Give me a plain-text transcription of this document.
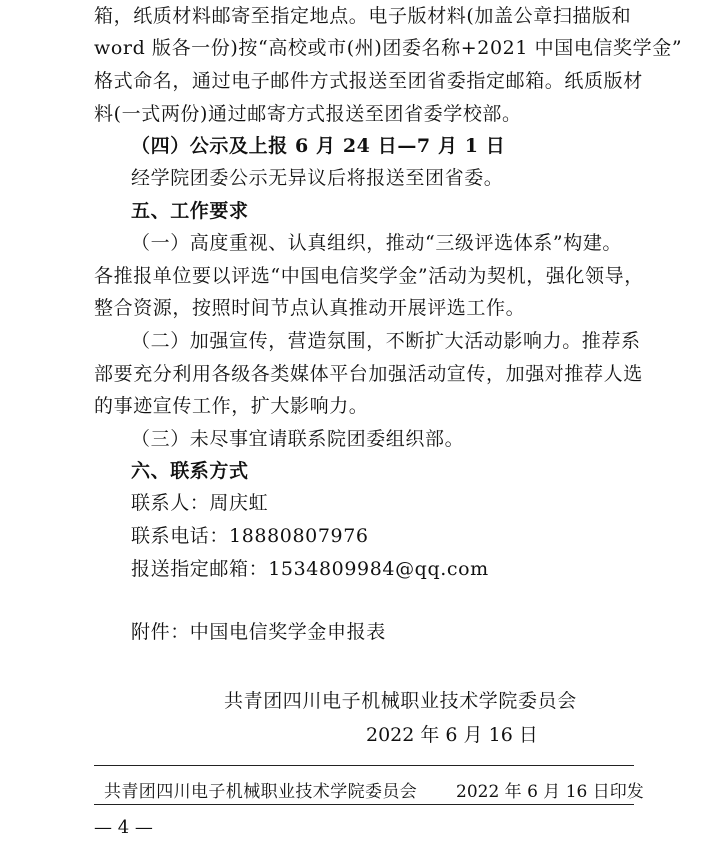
箱，纸质材料邮寄至指定地点。电子版材料(加盖公章扫描版和
word 版各一份)按“高校或市(州)团委名称+2021 中国电信奖学金”
格式命名，通过电子邮件方式报送至团省委指定邮箱。纸质版材
料(一式两份)通过邮寄方式报送至团省委学校部。
（四）公示及上报 6 月 24 日—7 月 1 日
经学院团委公示无异议后将报送至团省委。
五、工作要求
（一）高度重视、认真组织，推动“三级评选体系”构建。
各推报单位要以评选“中国电信奖学金”活动为契机，强化领导，
整合资源，按照时间节点认真推动开展评选工作。
（二）加强宣传，营造氛围，不断扩大活动影响力。推荐系
部要充分利用各级各类媒体平台加强活动宣传，加强对推荐人选
的事迹宣传工作，扩大影响力。
（三）未尽事宜请联系院团委组织部。
六、联系方式
联系人：周庆虹
联系电话：18880807976
报送指定邮箱：1534809984@qq.com
附件：中国电信奖学金申报表
共青团四川电子机械职业技术学院委员会
2022 年 6 月 16 日
共青团四川电子机械职业技术学院委员会 2022 年 6 月 16 日印发
— 4 —
